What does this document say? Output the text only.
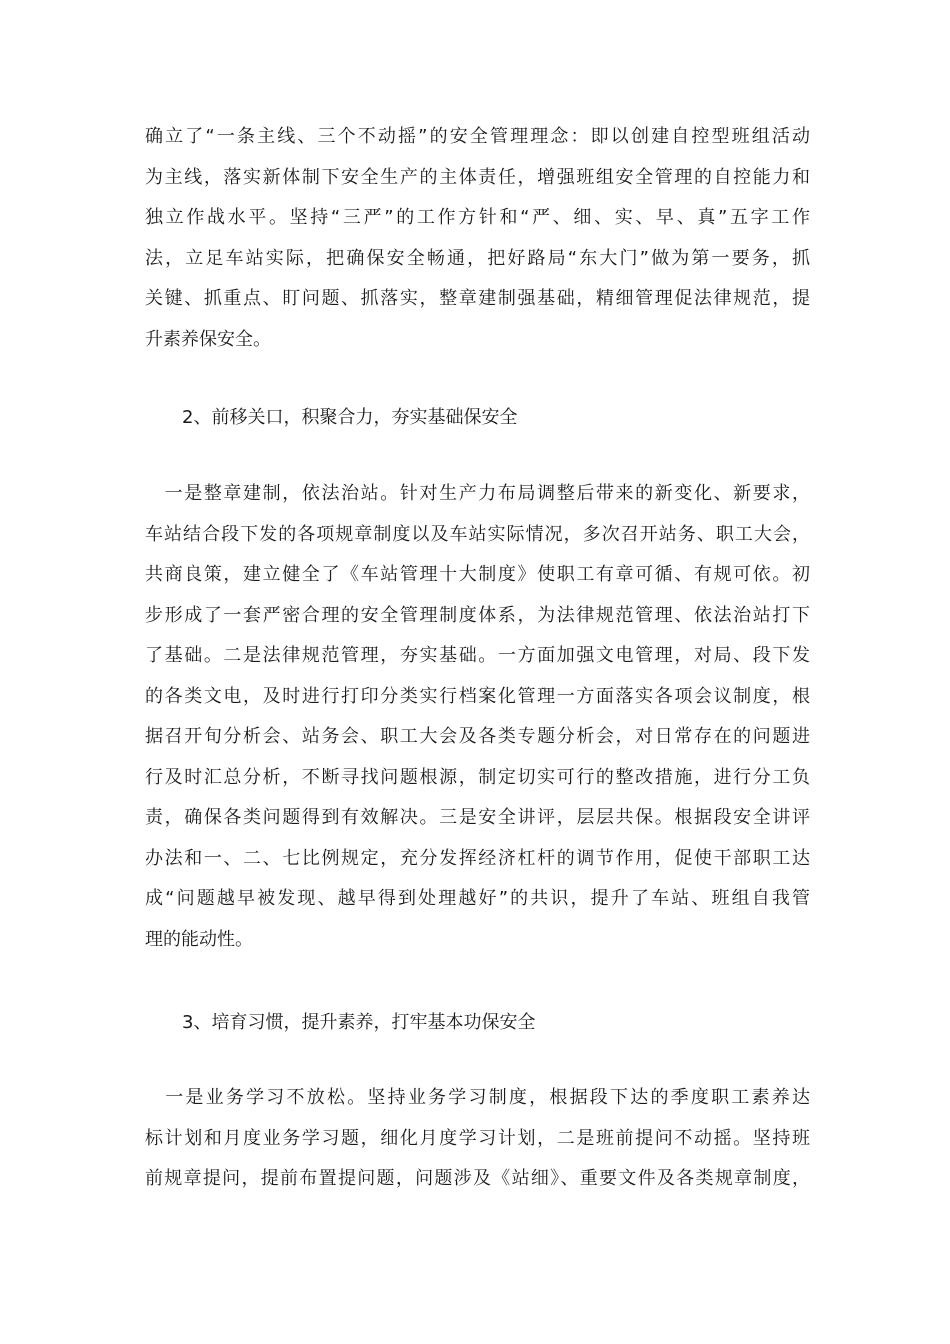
确立了“一条主线、三个不动摇”的安全管理理念：即以创建自控型班组活动
为主线，落实新体制下安全生产的主体责任，增强班组安全管理的自控能力和
独立作战水平。坚持“三严”的工作方针和“严、细、实、早、真”五字工作
法，立足车站实际，把确保安全畅通，把好路局“东大门”做为第一要务，抓
关键、抓重点、盯问题、抓落实，整章建制强基础，精细管理促法律规范，提
升素养保安全。
2、前移关口，积聚合力，夯实基础保安全
　一是整章建制，依法治站。针对生产力布局调整后带来的新变化、新要求，
车站结合段下发的各项规章制度以及车站实际情况，多次召开站务、职工大会，
共商良策，建立健全了《车站管理十大制度》使职工有章可循、有规可依。初
步形成了一套严密合理的安全管理制度体系，为法律规范管理、依法治站打下
了基础。二是法律规范管理，夯实基础。一方面加强文电管理，对局、段下发
的各类文电，及时进行打印分类实行档案化管理一方面落实各项会议制度，根
据召开旬分析会、站务会、职工大会及各类专题分析会，对日常存在的问题进
行及时汇总分析，不断寻找问题根源，制定切实可行的整改措施，进行分工负
责，确保各类问题得到有效解决。三是安全讲评，层层共保。根据段安全讲评
办法和一、二、七比例规定，充分发挥经济杠杆的调节作用，促使干部职工达
成“问题越早被发现、越早得到处理越好”的共识，提升了车站、班组自我管
理的能动性。
3、培育习惯，提升素养，打牢基本功保安全
　一是业务学习不放松。坚持业务学习制度，根据段下达的季度职工素养达
标计划和月度业务学习题，细化月度学习计划，二是班前提问不动摇。坚持班
前规章提问，提前布置提问题，问题涉及《站细》、重要文件及各类规章制度，
